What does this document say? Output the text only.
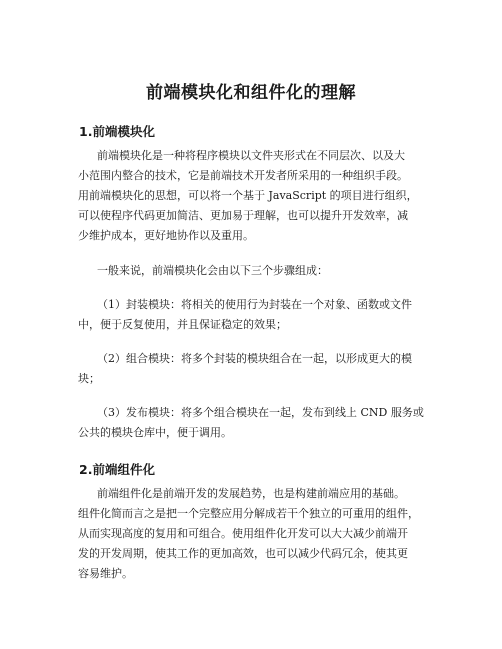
前端模块化和组件化的理解
1.前端模块化

前端模块化是一种将程序模块以文件夹形式在不同层次、以及大

小范围内整合的技术，它是前端技术开发者所采用的一种组织手段。

用前端模块化的思想，可以将一个基于 JavaScript 的项目进行组织，

可以使程序代码更加简洁、更加易于理解，也可以提升开发效率，减

少维护成本，更好地协作以及重用。

一般来说，前端模块化会由以下三个步骤组成：

（1）封装模块：将相关的使用行为封装在一个对象、函数或文件

中，便于反复使用，并且保证稳定的效果；

（2）组合模块：将多个封装的模块组合在一起，以形成更大的模

块；

（3）发布模块：将多个组合模块在一起，发布到线上 CND 服务或

公共的模块仓库中，便于调用。

2.前端组件化

前端组件化是前端开发的发展趋势，也是构建前端应用的基础。

组件化简而言之是把一个完整应用分解成若干个独立的可重用的组件，

从而实现高度的复用和可组合。使用组件化开发可以大大减少前端开

发的开发周期，使其工作的更加高效，也可以减少代码冗余，使其更

容易维护。
